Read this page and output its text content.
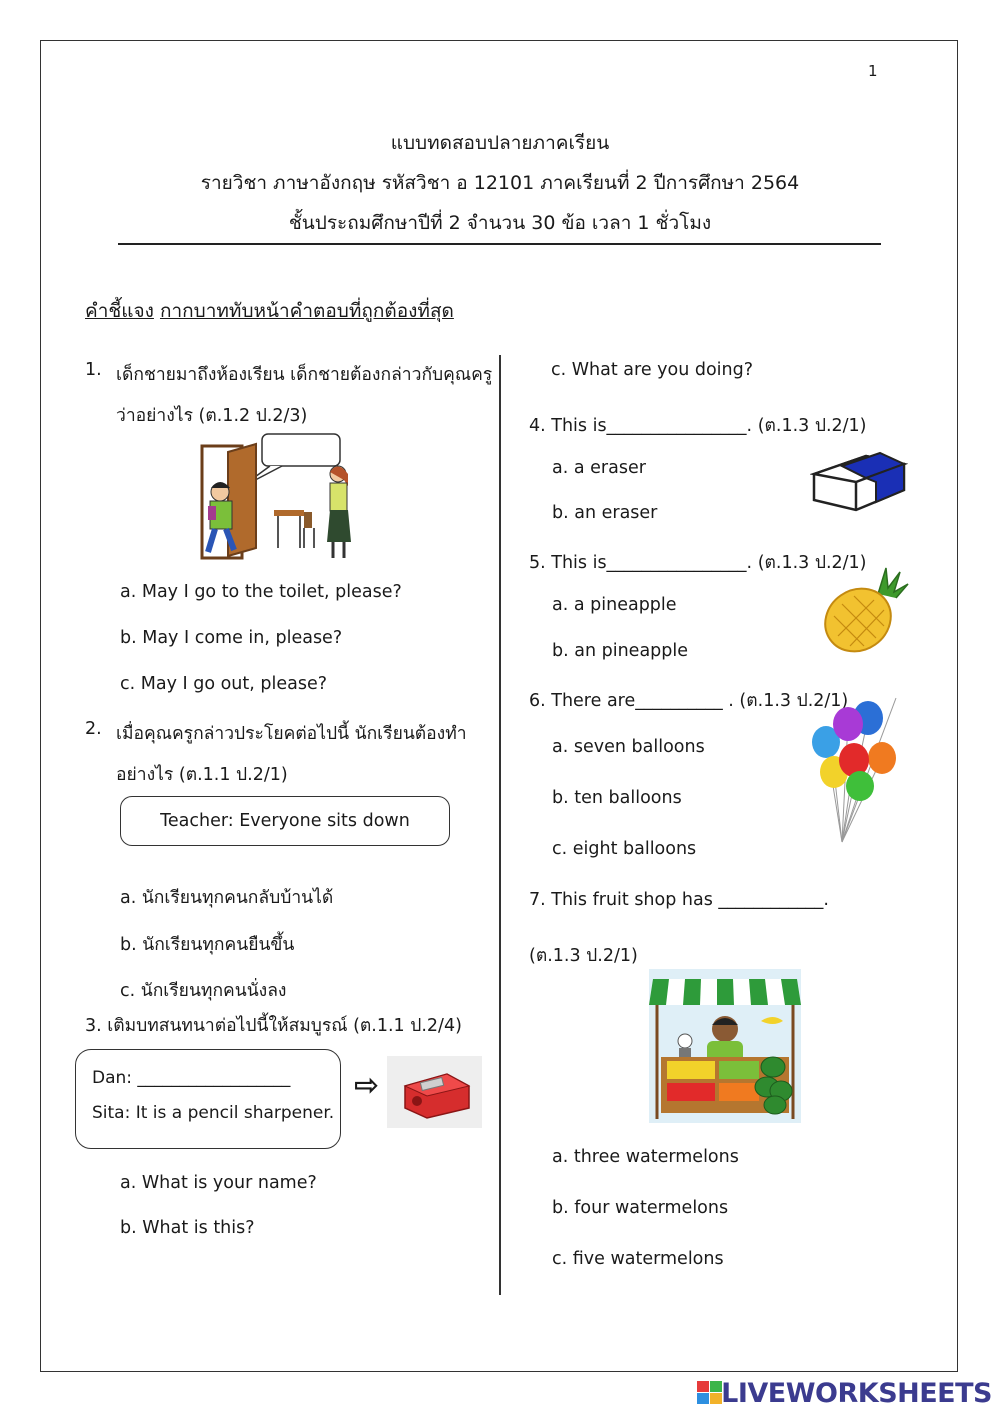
1
แบบทดสอบปลายภาคเรียน
รายวิชา ภาษาอังกฤษ รหัสวิชา อ 12101 ภาคเรียนที่ 2 ปีการศึกษา 2564
ชั้นประถมศึกษาปีที่ 2 จำนวน 30 ข้อ เวลา 1 ชั่วโมง
คำชี้แจง กากบาททับหน้าคำตอบที่ถูกต้องที่สุด
1. เด็กชายมาถึงห้องเรียน เด็กชายต้องกล่าวกับคุณครู
ว่าอย่างไร (ต.1.2 ป.2/3)
a. May I go to the toilet, please?
b. May I come in, please?
c. May I go out, please?
2. เมื่อคุณครูกล่าวประโยคต่อไปนี้ นักเรียนต้องทำ
อย่างไร (ต.1.1 ป.2/1)
Teacher: Everyone sits down
a. นักเรียนทุกคนกลับบ้านได้
b. นักเรียนทุกคนยืนขึ้น
c. นักเรียนทุกคนนั่งลง
3. เติมบทสนทนาต่อไปนี้ให้สมบูรณ์ (ต.1.1 ป.2/4)
Dan: __________________
Sita: It is a pencil sharpener.
⇨
a. What is your name?
b. What is this?
c. What are you doing?
4. This is________________. (ต.1.3 ป.2/1)
a. a eraser
b. an eraser
5. This is________________. (ต.1.3 ป.2/1)
a. a pineapple
b. an pineapple
6. There are__________ . (ต.1.3 ป.2/1)
a. seven balloons
b. ten balloons
c. eight balloons
7. This fruit shop has ____________.
(ต.1.3 ป.2/1)
a. three watermelons
b. four watermelons
c. five watermelons
LIVEWORKSHEETS
